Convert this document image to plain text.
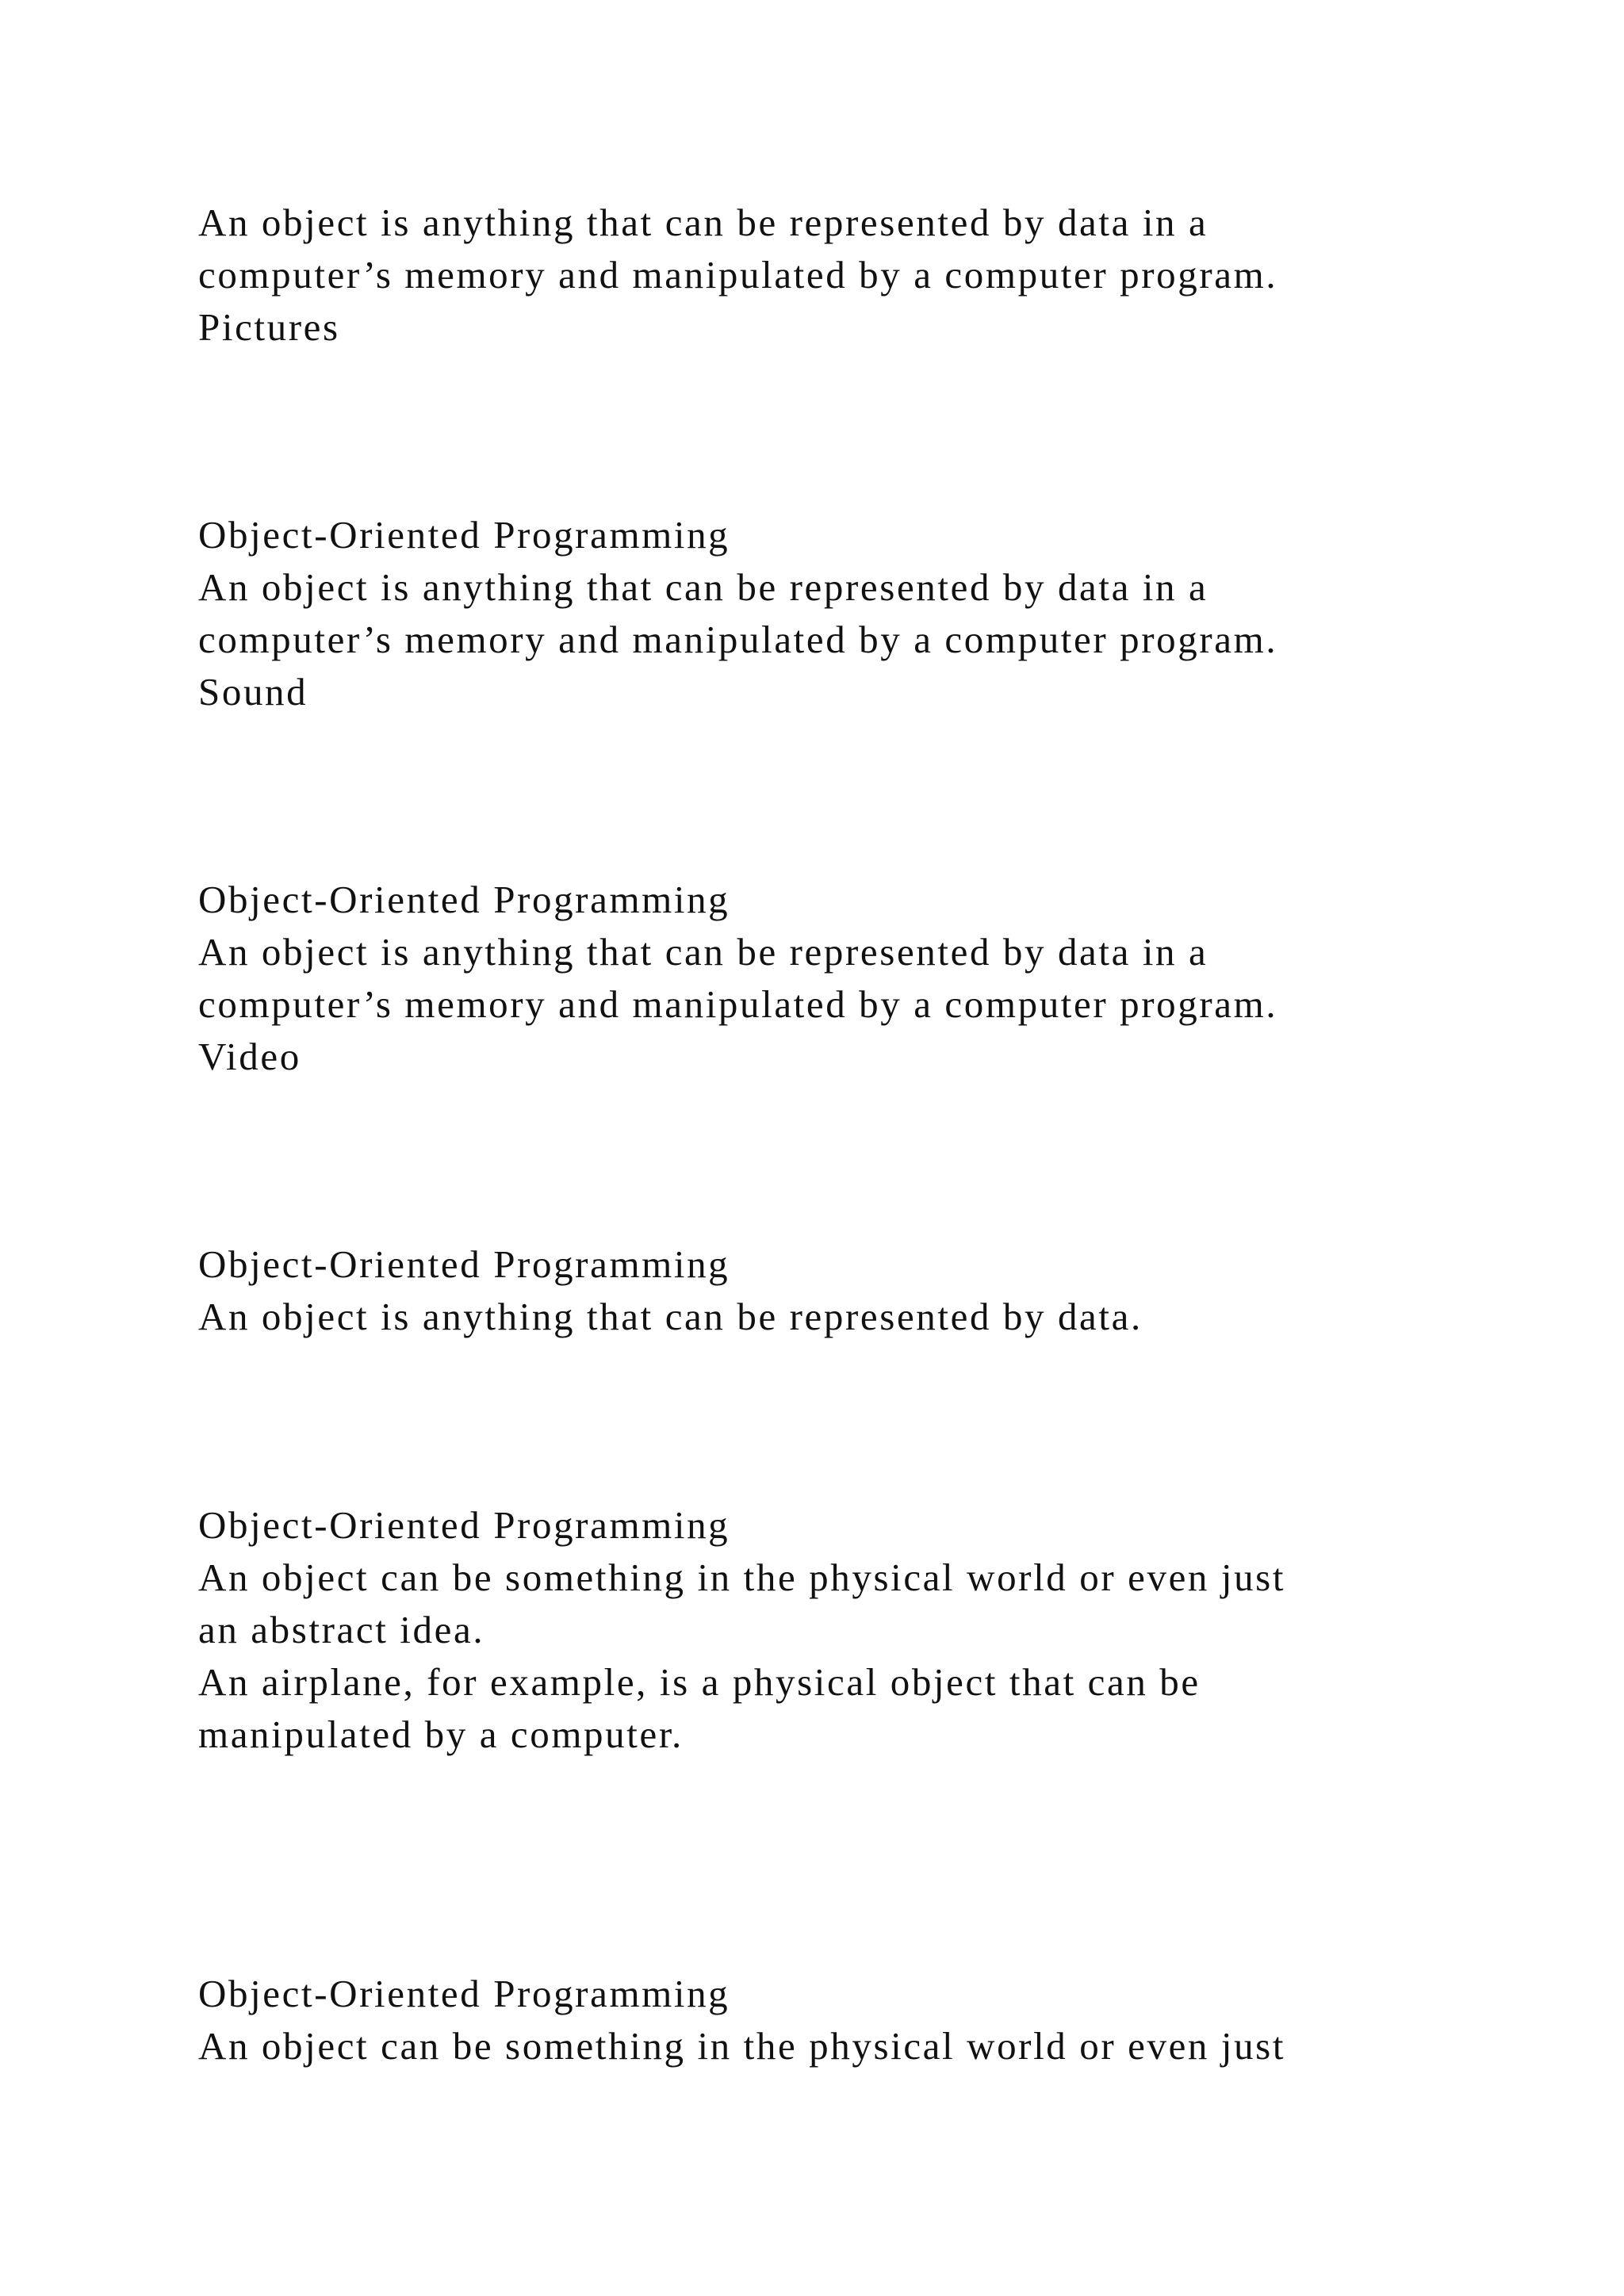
An object is anything that can be represented by data in a
computer’s memory and manipulated by a computer program.
Pictures
Object-Oriented Programming
An object is anything that can be represented by data in a
computer’s memory and manipulated by a computer program.
Sound
Object-Oriented Programming
An object is anything that can be represented by data in a
computer’s memory and manipulated by a computer program.
Video
Object-Oriented Programming
An object is anything that can be represented by data.
Object-Oriented Programming
An object can be something in the physical world or even just
an abstract idea.
An airplane, for example, is a physical object that can be
manipulated by a computer.
Object-Oriented Programming
An object can be something in the physical world or even just
